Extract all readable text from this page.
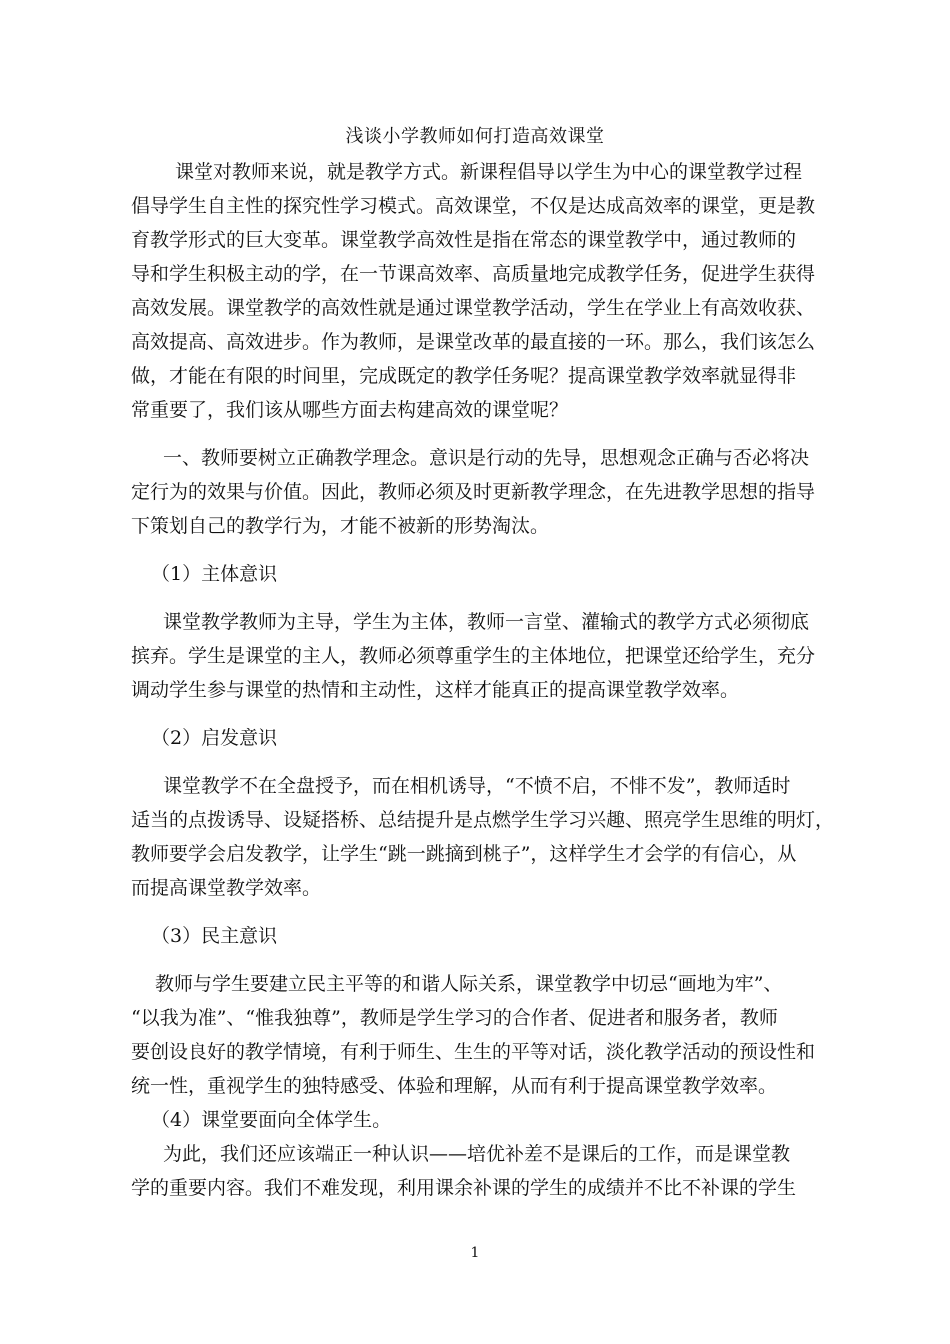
浅谈小学教师如何打造高效课堂
课堂对教师来说，就是教学方式。新课程倡导以学生为中心的课堂教学过程
倡导学生自主性的探究性学习模式。高效课堂，不仅是达成高效率的课堂，更是教
育教学形式的巨大变革。课堂教学高效性是指在常态的课堂教学中，通过教师的
导和学生积极主动的学，在一节课高效率、高质量地完成教学任务，促进学生获得
高效发展。课堂教学的高效性就是通过课堂教学活动，学生在学业上有高效收获、
高效提高、高效进步。作为教师，是课堂改革的最直接的一环。那么，我们该怎么
做，才能在有限的时间里，完成既定的教学任务呢？提高课堂教学效率就显得非
常重要了，我们该从哪些方面去构建高效的课堂呢？
一、教师要树立正确教学理念。意识是行动的先导，思想观念正确与否必将决
定行为的效果与价值。因此，教师必须及时更新教学理念，在先进教学思想的指导
下策划自己的教学行为，才能不被新的形势淘汰。
（1）主体意识
课堂教学教师为主导，学生为主体，教师一言堂、灌输式的教学方式必须彻底
摈弃。学生是课堂的主人，教师必须尊重学生的主体地位，把课堂还给学生，充分
调动学生参与课堂的热情和主动性，这样才能真正的提高课堂教学效率。
（2）启发意识
课堂教学不在全盘授予，而在相机诱导，“不愤不启，不悱不发”，教师适时
适当的点拨诱导、设疑搭桥、总结提升是点燃学生学习兴趣、照亮学生思维的明灯，
教师要学会启发教学，让学生“跳一跳摘到桃子”，这样学生才会学的有信心，从
而提高课堂教学效率。
（3）民主意识
教师与学生要建立民主平等的和谐人际关系，课堂教学中切忌“画地为牢”、
“以我为准”、“惟我独尊”，教师是学生学习的合作者、促进者和服务者，教师
要创设良好的教学情境，有利于师生、生生的平等对话，淡化教学活动的预设性和
统一性，重视学生的独特感受、体验和理解，从而有利于提高课堂教学效率。
（4）课堂要面向全体学生。
为此，我们还应该端正一种认识——培优补差不是课后的工作，而是课堂教
学的重要内容。我们不难发现，利用课余补课的学生的成绩并不比不补课的学生
1
